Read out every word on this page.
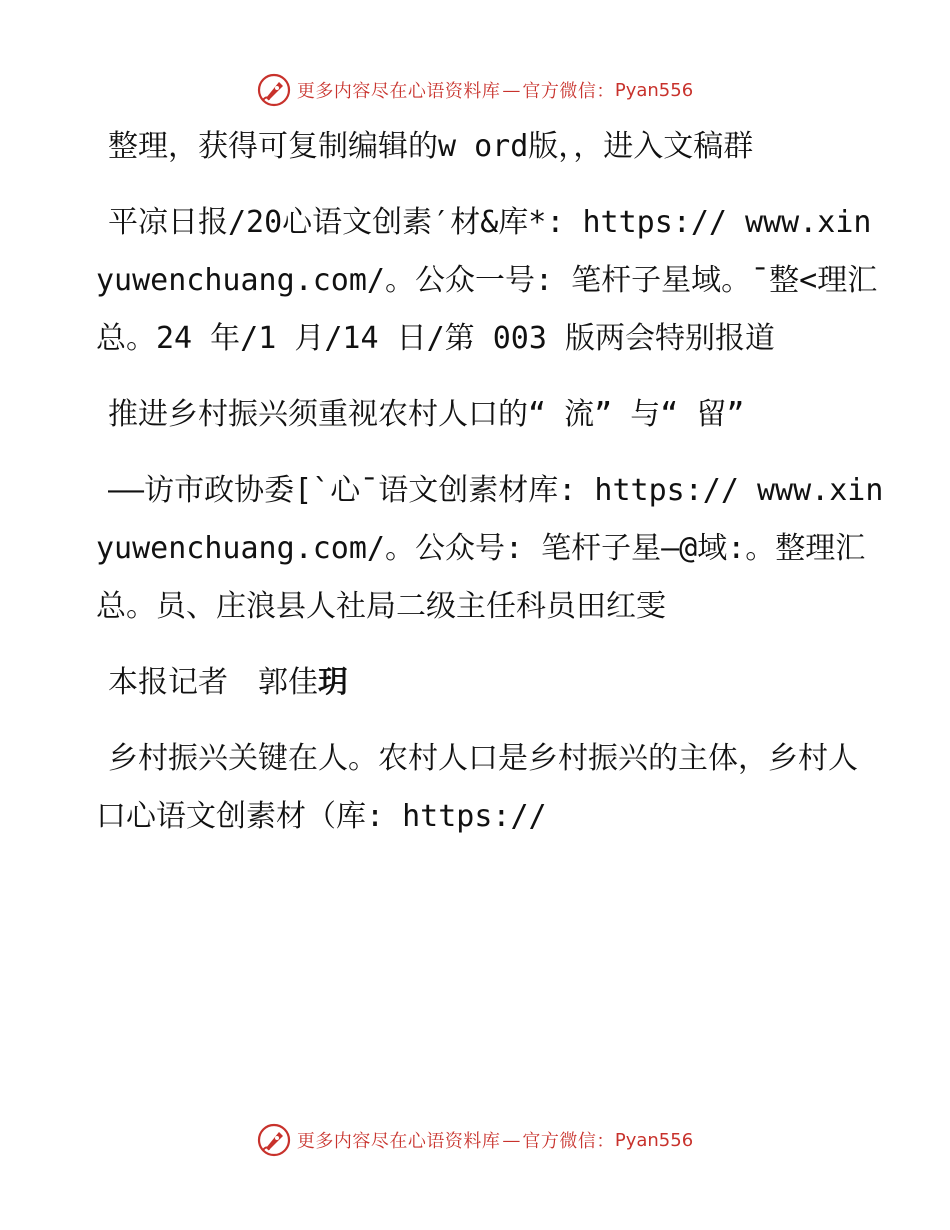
更多内容尽在心语资料库 — 官方微信： Pyan556

整理，获得可复制编辑的w ord版，，进入文稿群

平凉日报/20心语文创素′材&库*: https:// www.xinyuwenchuang.com/。公众一号: 笔杆子星域。¯整<理汇总。24 年/1 月/14 日/第 003 版两会特别报道

推进乡村振兴须重视农村人口的“ 流” 与“ 留”

——访市政协委[`心¯语文创素材库: https:// www.xinyuwenchuang.com/。公众号: 笔杆子星—@域:。整理汇总。员、庄浪县人社局二级主任科员田红雯

本报记者　郭佳玥

乡村振兴关键在人。农村人口是乡村振兴的主体，乡村人口心语文创素材（库: https://

更多内容尽在心语资料库 — 官方微信： Pyan556
